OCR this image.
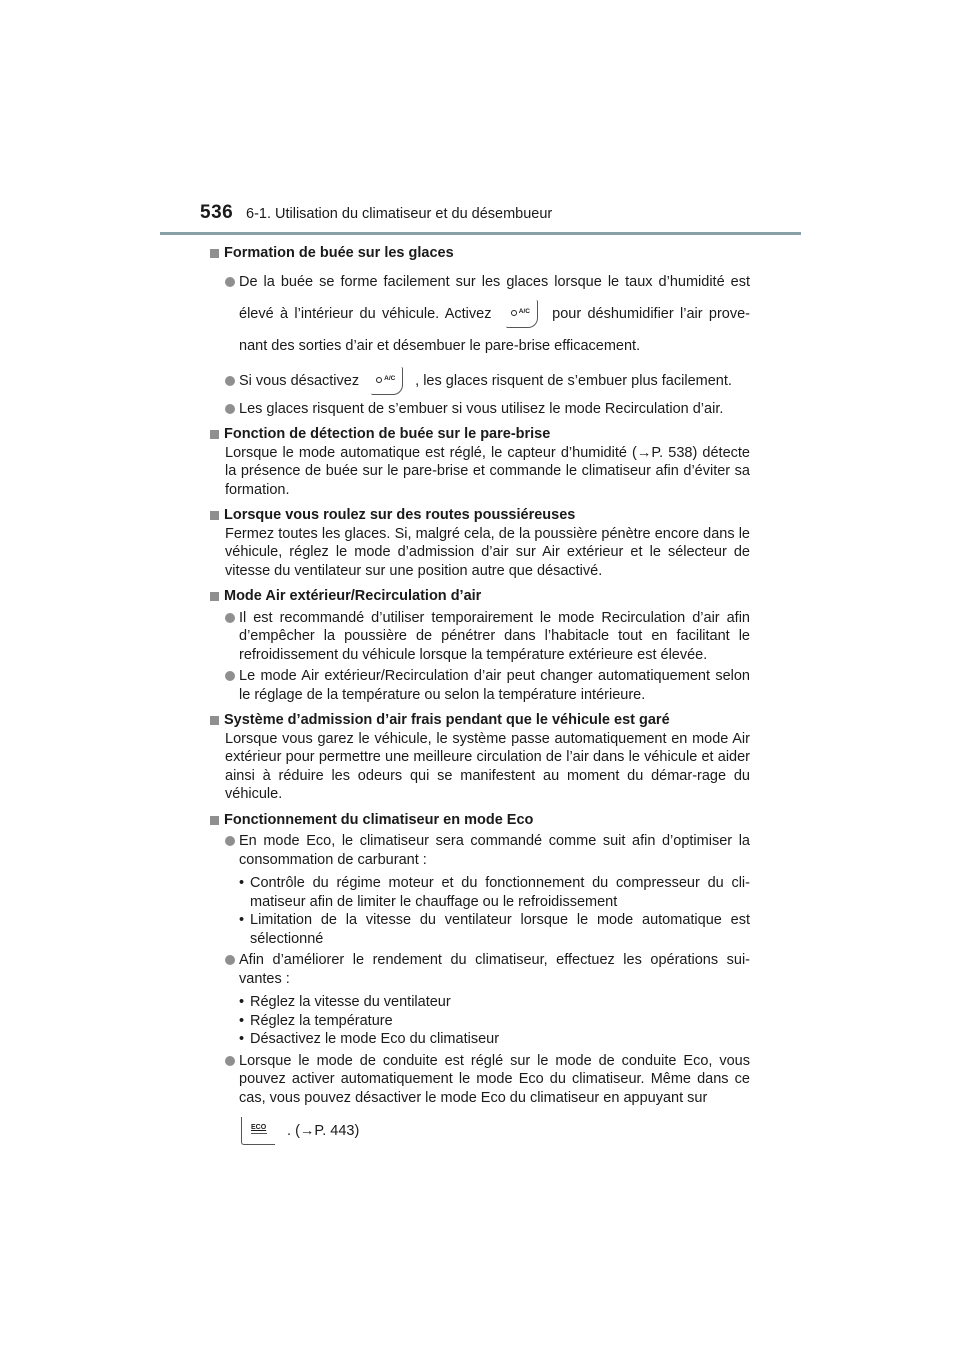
536 6-1. Utilisation du climatiseur et du désembueur
Formation de buée sur les glaces
De la buée se forme facilement sur les glaces lorsque le taux d’humidité est élevé à l’intérieur du véhicule. Activez	A/C pour déshumidifier l’air prove-nant des sorties d’air et désembuer le pare-brise efficacement.
Si vous désactivez	A/C , les glaces risquent de s’embuer plus facilement.
Les glaces risquent de s’embuer si vous utilisez le mode Recirculation d’air.
Fonction de détection de buée sur le pare-brise
Lorsque le mode automatique est réglé, le capteur d’humidité (→P. 538) détecte la présence de buée sur le pare-brise et commande le climatiseur afin d’éviter sa formation.
Lorsque vous roulez sur des routes poussiéreuses
Fermez toutes les glaces. Si, malgré cela, de la poussière pénètre encore dans le véhicule, réglez le mode d’admission d’air sur Air extérieur et le sélecteur de vitesse du ventilateur sur une position autre que désactivé.
Mode Air extérieur/Recirculation d’air
Il est recommandé d’utiliser temporairement le mode Recirculation d’air afin d’empêcher la poussière de pénétrer dans l’habitacle tout en facilitant le refroidissement du véhicule lorsque la température extérieure est élevée.
Le mode Air extérieur/Recirculation d’air peut changer automatiquement selon le réglage de la température ou selon la température intérieure.
Système d’admission d’air frais pendant que le véhicule est garé
Lorsque vous garez le véhicule, le système passe automatiquement en mode Air extérieur pour permettre une meilleure circulation de l’air dans le véhicule et aider ainsi à réduire les odeurs qui se manifestent au moment du démar-rage du véhicule.
Fonctionnement du climatiseur en mode Eco
En mode Eco, le climatiseur sera commandé comme suit afin d’optimiser la consommation de carburant :
• Contrôle du régime moteur et du fonctionnement du compresseur du cli-matiseur afin de limiter le chauffage ou le refroidissement
• Limitation de la vitesse du ventilateur lorsque le mode automatique est sélectionné
Afin d’améliorer le rendement du climatiseur, effectuez les opérations sui-vantes :
• Réglez la vitesse du ventilateur
• Réglez la température
• Désactivez le mode Eco du climatiseur
Lorsque le mode de conduite est réglé sur le mode de conduite Eco, vous pouvez activer automatiquement le mode Eco du climatiseur. Même dans ce cas, vous pouvez désactiver le mode Eco du climatiseur en appuyant sur
ECO . (→P. 443)
